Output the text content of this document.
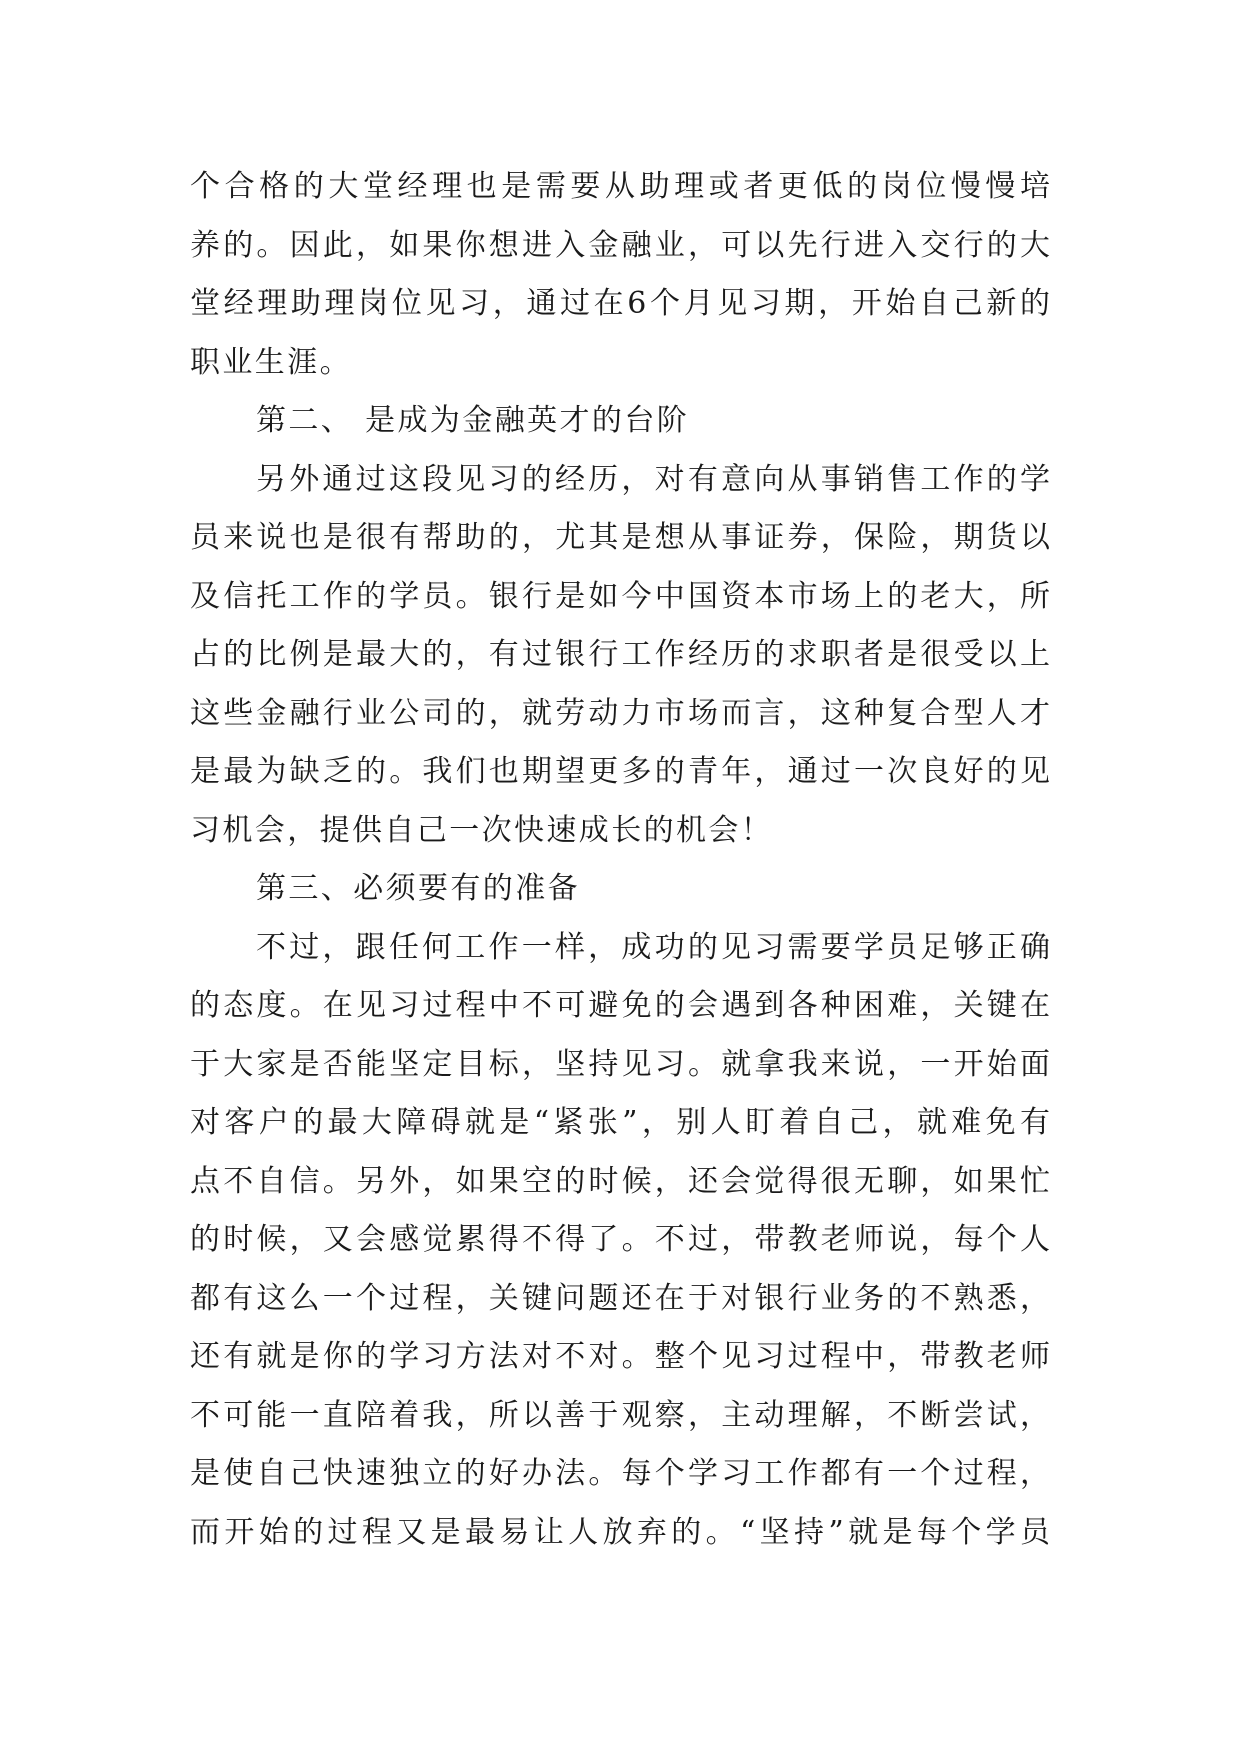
个合格的大堂经理也是需要从助理或者更低的岗位慢慢培
养的。因此，如果你想进入金融业，可以先行进入交行的大
堂经理助理岗位见习，通过在6个月见习期，开始自己新的
职业生涯。
第二、 是成为金融英才的台阶
另外通过这段见习的经历，对有意向从事销售工作的学
员来说也是很有帮助的，尤其是想从事证券，保险，期货以
及信托工作的学员。银行是如今中国资本市场上的老大，所
占的比例是最大的，有过银行工作经历的求职者是很受以上
这些金融行业公司的，就劳动力市场而言，这种复合型人才
是最为缺乏的。我们也期望更多的青年，通过一次良好的见
习机会，提供自己一次快速成长的机会！
第三、必须要有的准备
不过，跟任何工作一样，成功的见习需要学员足够正确
的态度。在见习过程中不可避免的会遇到各种困难，关键在
于大家是否能坚定目标，坚持见习。就拿我来说，一开始面
对客户的最大障碍就是“紧张”，别人盯着自己，就难免有
点不自信。另外，如果空的时候，还会觉得很无聊，如果忙
的时候，又会感觉累得不得了。不过，带教老师说，每个人
都有这么一个过程，关键问题还在于对银行业务的不熟悉，
还有就是你的学习方法对不对。整个见习过程中，带教老师
不可能一直陪着我，所以善于观察，主动理解，不断尝试，
是使自己快速独立的好办法。每个学习工作都有一个过程，
而开始的过程又是最易让人放弃的。“坚持”就是每个学员
